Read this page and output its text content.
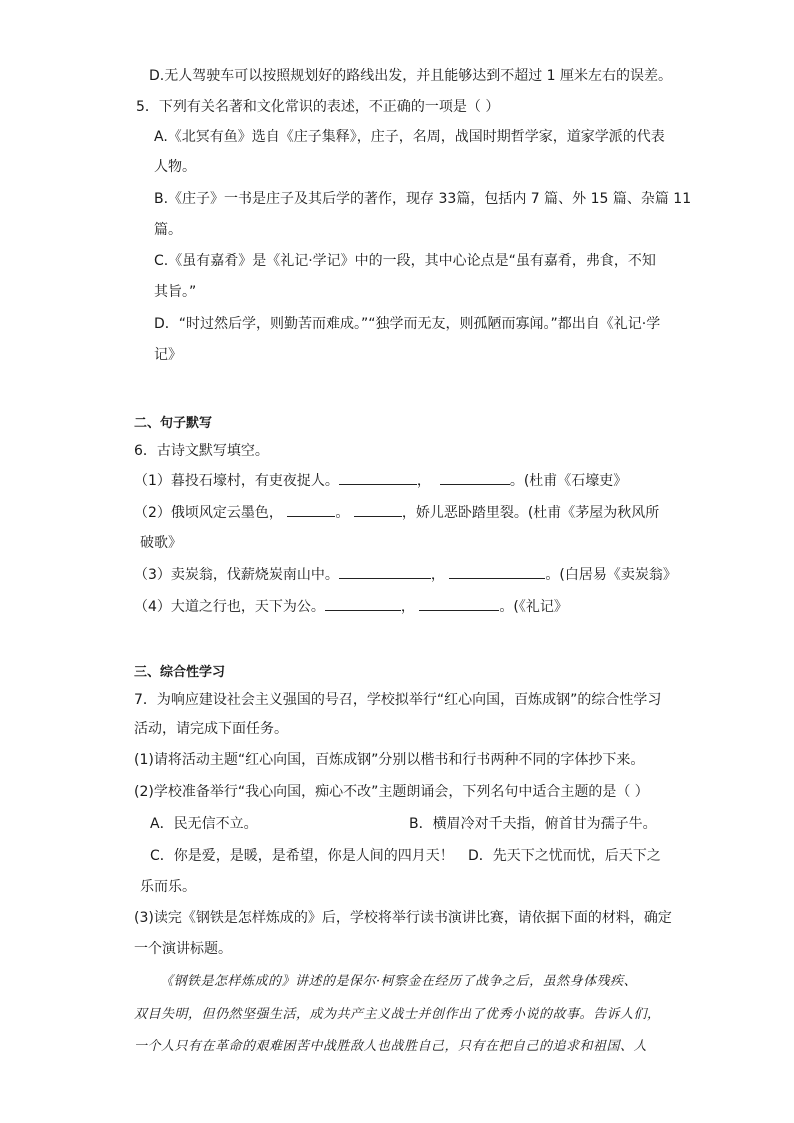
D.无人驾驶车可以按照规划好的路线出发，并且能够达到不超过 1 厘米左右的误差。
5．下列有关名著和文化常识的表述，不正确的一项是（ ）
A.《北冥有鱼》选自《庄子集释》，庄子，名周，战国时期哲学家，道家学派的代表
人物。
B.《庄子》一书是庄子及其后学的著作，现存 33篇，包括内 7 篇、外 15 篇、杂篇 11
篇。
C.《虽有嘉肴》是《礼记·学记》中的一段，其中心论点是“虽有嘉肴，弗食，不知
其旨。”
D．“时过然后学，则勤苦而难成。”“独学而无友，则孤陋而寡闻。”都出自《礼记·学
记》
二、句子默写
6．古诗文默写填空。
（1）暮投石壕村，有吏夜捉人。	，	。(杜甫《石壕吏》
（2）俄顷风定云墨色，	。	，娇儿恶卧踏里裂。(杜甫《茅屋为秋风所
破歌》
（3）卖炭翁，伐薪烧炭南山中。	，	。(白居易《卖炭翁》
（4）大道之行也，天下为公。	，	。(《礼记》
三、综合性学习
7．为响应建设社会主义强国的号召，学校拟举行“红心向国，百炼成钢”的综合性学习
活动，请完成下面任务。
(1)请将活动主题“红心向国，百炼成钢”分别以楷书和行书两种不同的字体抄下来。
(2)学校准备举行“我心向国，痴心不改”主题朗诵会，下列名句中适合主题的是（ ）
A．民无信不立。	B．横眉冷对千夫指，俯首甘为孺子牛。
C．你是爱，是暖，是希望，你是人间的四月天！ D．先天下之忧而忧，后天下之
乐而乐。
(3)读完《钢铁是怎样炼成的》后，学校将举行读书演讲比赛，请依据下面的材料，确定
一个演讲标题。
《钢铁是怎样炼成的》讲述的是保尔·柯察金在经历了战争之后，虽然身体残疾、
双目失明，但仍然坚强生活，成为共产主义战士并创作出了优秀小说的故事。告诉人们，
一个人只有在革命的艰难困苦中战胜敌人也战胜自己，只有在把自己的追求和祖国、人
